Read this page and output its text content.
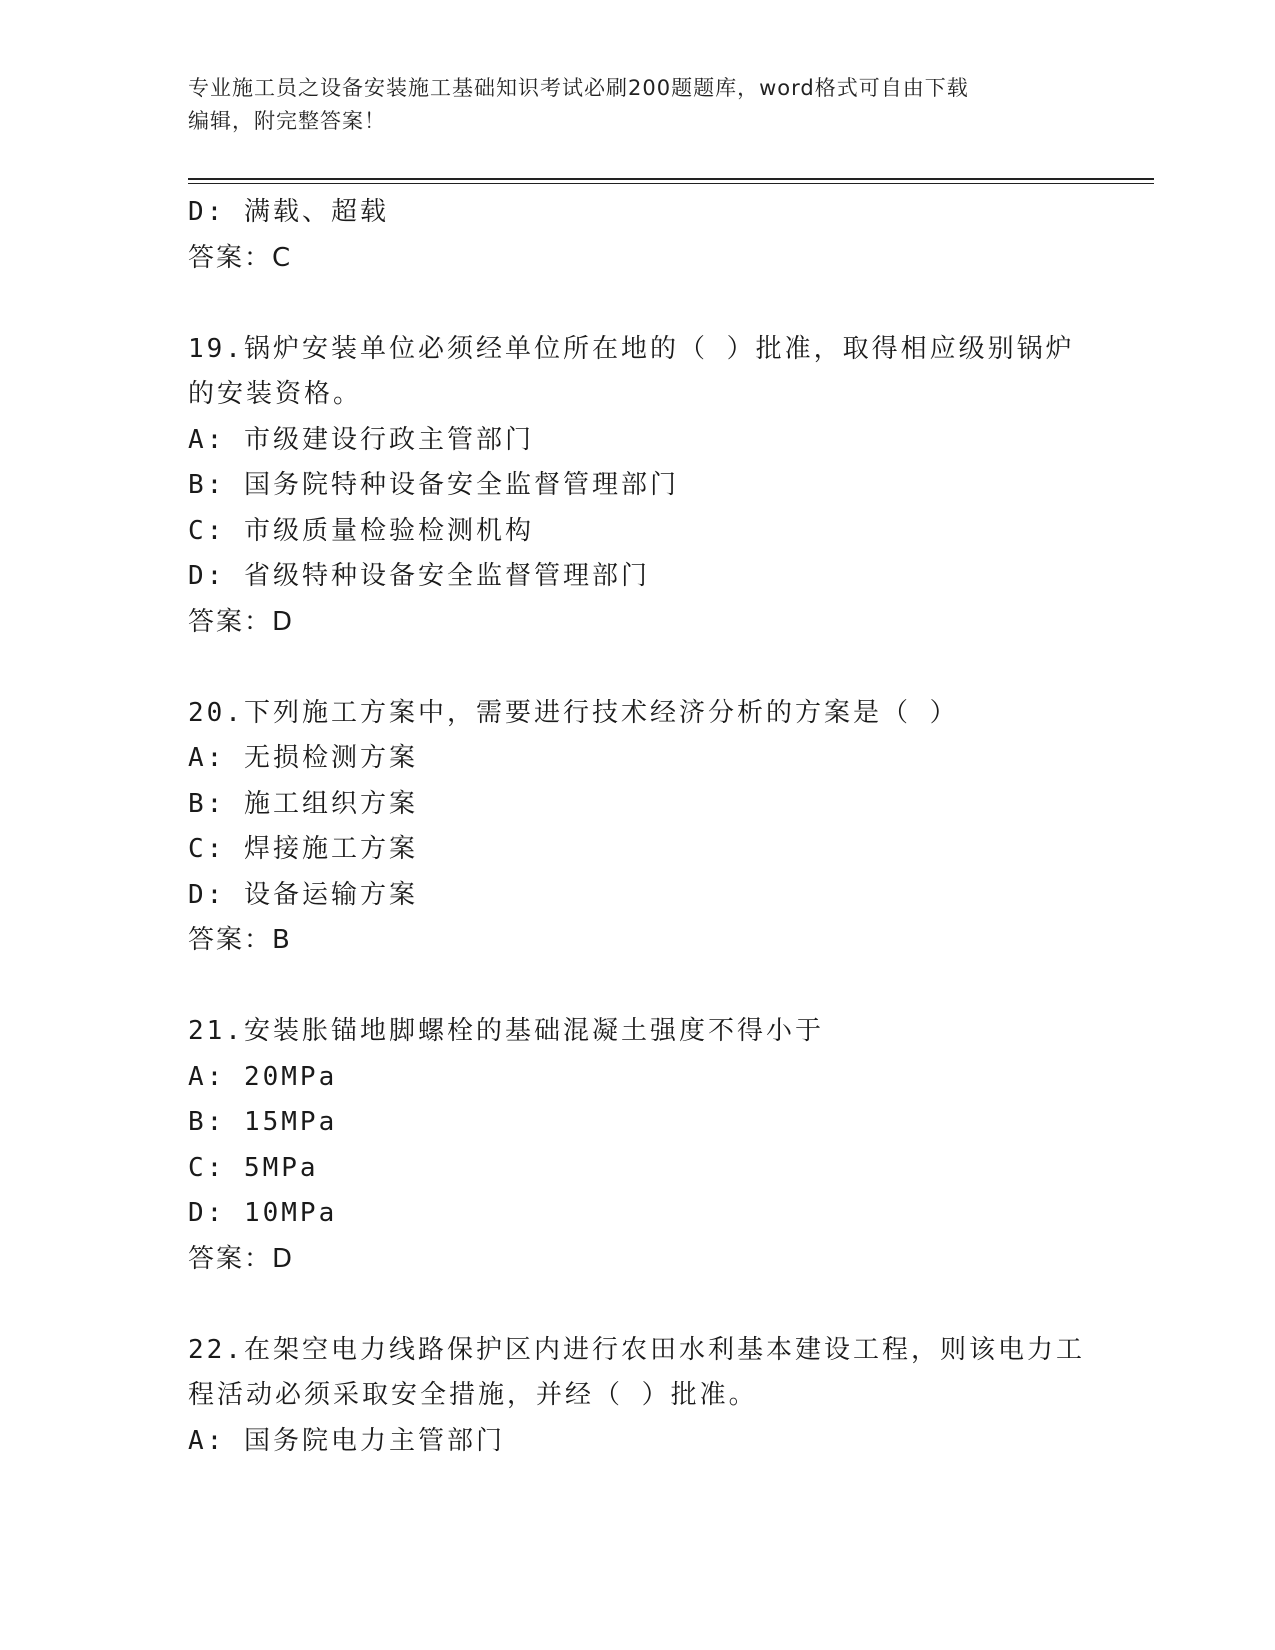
专业施工员之设备安装施工基础知识考试必刷200题题库，word格式可自由下载
编辑，附完整答案！
D: 满载、超载
答案：C
19.锅炉安装单位必须经单位所在地的（ ）批准，取得相应级别锅炉
的安装资格。
A: 市级建设行政主管部门
B: 国务院特种设备安全监督管理部门
C: 市级质量检验检测机构
D: 省级特种设备安全监督管理部门
答案：D
20.下列施工方案中，需要进行技术经济分析的方案是（ ）
A: 无损检测方案
B: 施工组织方案
C: 焊接施工方案
D: 设备运输方案
答案：B
21.安装胀锚地脚螺栓的基础混凝土强度不得小于
A: 20MPa
B: 15MPa
C: 5MPa
D: 10MPa
答案：D
22.在架空电力线路保护区内进行农田水利基本建设工程，则该电力工
程活动必须采取安全措施，并经（ ）批准。
A: 国务院电力主管部门
